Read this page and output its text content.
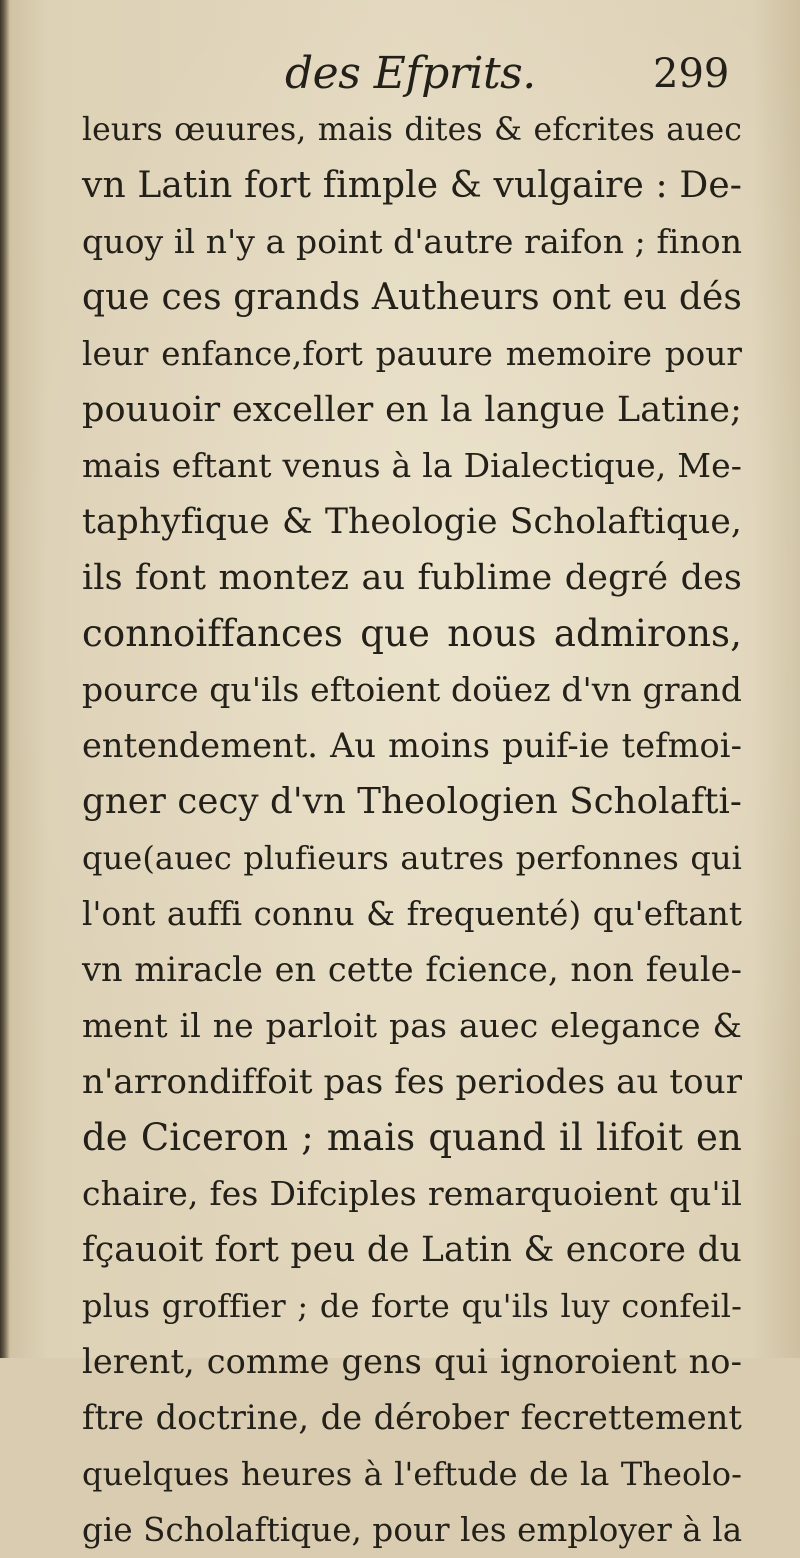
des Efprits.	299
leurs œuures, mais dites & efcrites auec
vn Latin fort fimple & vulgaire : De-
quoy il n'y a point d'autre raifon ; finon
que ces grands Autheurs ont eu dés
leur enfance,fort pauure memoire pour
pouuoir exceller en la langue Latine;
mais eftant venus à la Dialectique, Me-
taphyfique & Theologie Scholaftique,
ils font montez au fublime degré des
connoiffances que nous admirons,
pource qu'ils eftoient doüez d'vn grand
entendement. Au moins puif-ie tefmoi-
gner cecy d'vn Theologien Scholafti-
que(auec plufieurs autres perfonnes qui
l'ont auffi connu & frequenté) qu'eftant
vn miracle en cette fcience, non feule-
ment il ne parloit pas auec elegance &
n'arrondiffoit pas fes periodes au tour
de Ciceron ; mais quand il lifoit en
chaire, fes Difciples remarquoient qu'il
fçauoit fort peu de Latin & encore du
plus groffier ; de forte qu'ils luy confeil-
lerent, comme gens qui ignoroient no-
ftre doctrine, de dérober fecrettement
quelques heures à l'eftude de la Theolo-
gie Scholaftique, pour les employer à la
